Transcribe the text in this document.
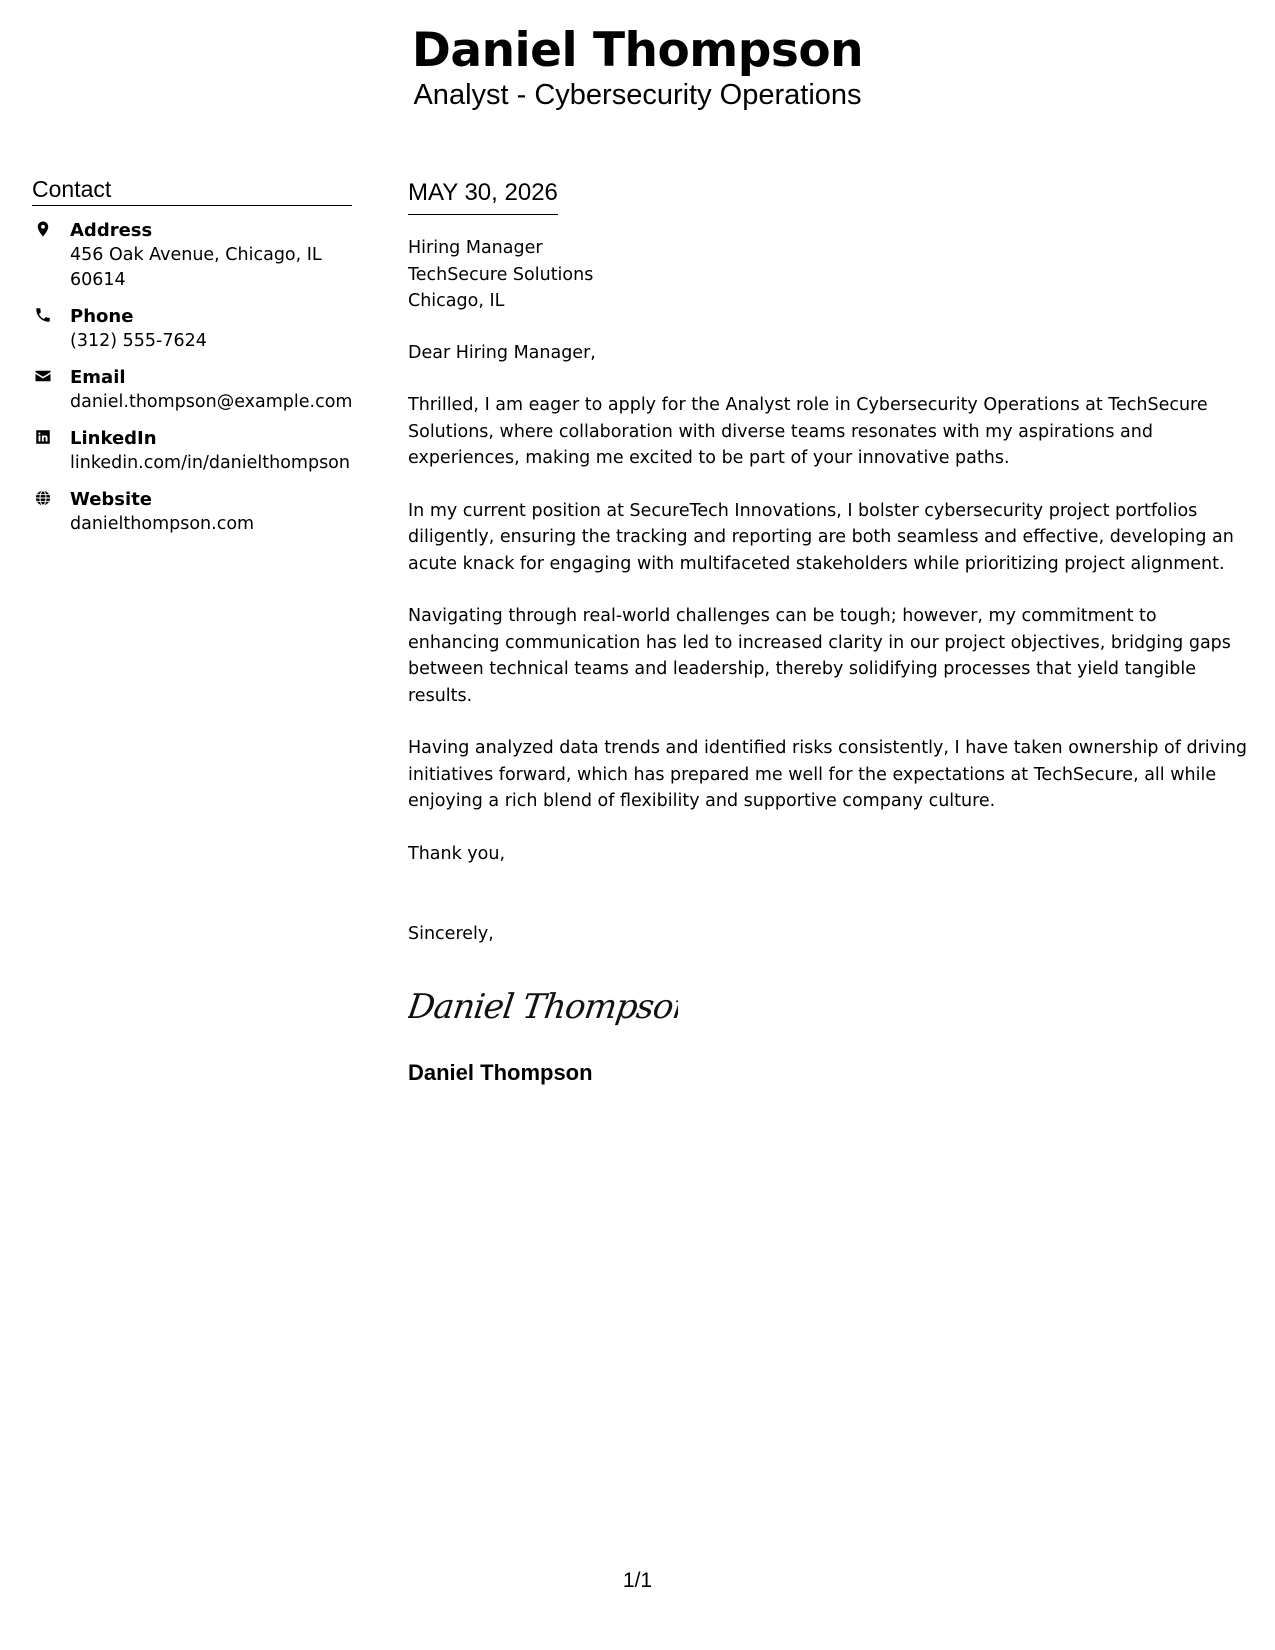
Daniel Thompson
Analyst - Cybersecurity Operations
Contact
Address
456 Oak Avenue, Chicago, IL 60614
Phone
(312) 555-7624
Email
daniel.thompson@example.com
LinkedIn
linkedin.com/in/danielthompson
Website
danielthompson.com
MAY 30, 2026
Hiring Manager
TechSecure Solutions
Chicago, IL

Dear Hiring Manager,

Thrilled, I am eager to apply for the Analyst role in Cybersecurity Operations at TechSecure Solutions, where collaboration with diverse teams resonates with my aspirations and experiences, making me excited to be part of your innovative paths.

In my current position at SecureTech Innovations, I bolster cybersecurity project portfolios diligently, ensuring the tracking and reporting are both seamless and effective, developing an acute knack for engaging with multifaceted stakeholders while prioritizing project alignment.

Navigating through real-world challenges can be tough; however, my commitment to enhancing communication has led to increased clarity in our project objectives, bridging gaps between technical teams and leadership, thereby solidifying processes that yield tangible results.

Having analyzed data trends and identified risks consistently, I have taken ownership of driving initiatives forward, which has prepared me well for the expectations at TechSecure, all while enjoying a rich blend of flexibility and supportive company culture.

Thank you,

Sincerely,

Daniel Thompson
Daniel Thompson
1/1
